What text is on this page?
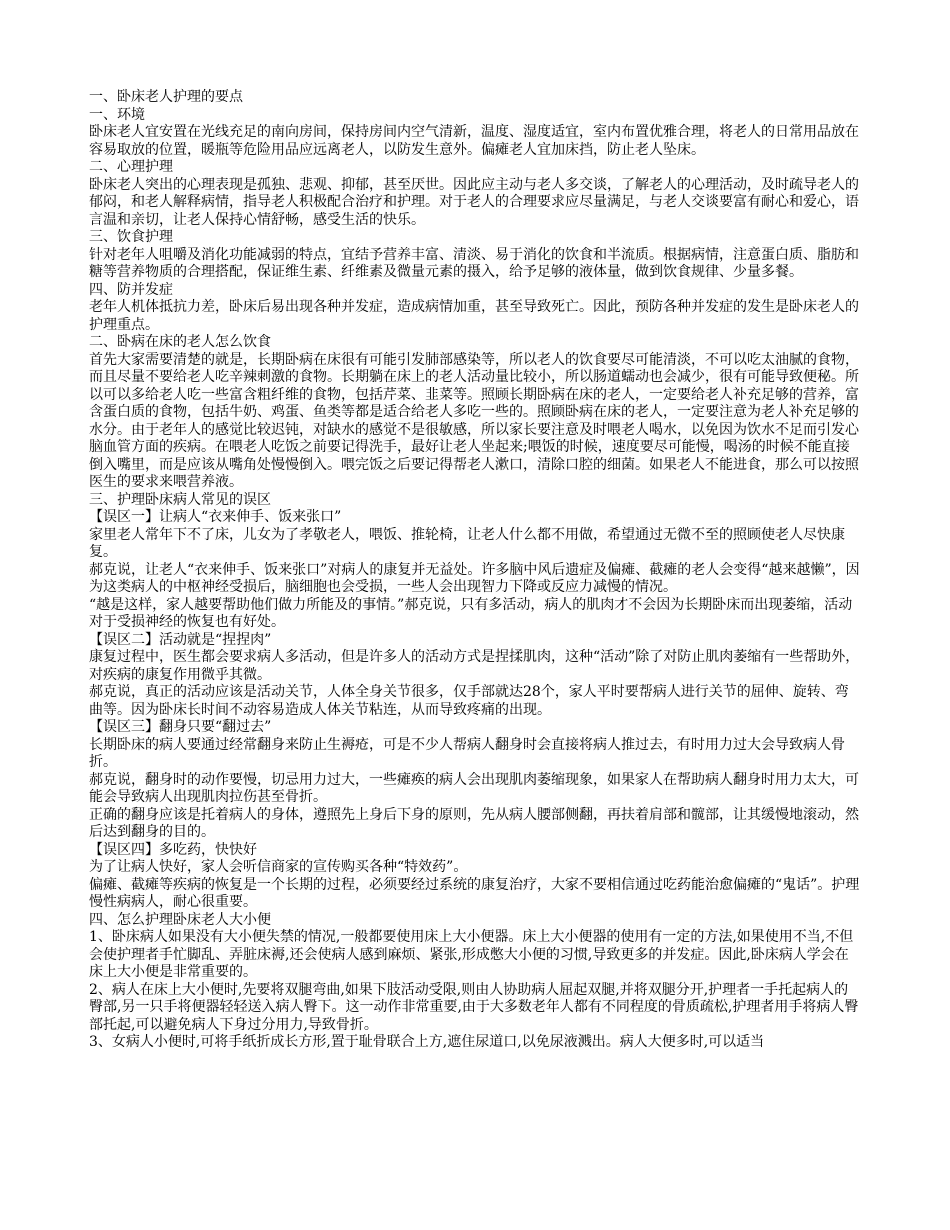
一、卧床老人护理的要点
一、环境
卧床老人宜安置在光线充足的南向房间，保持房间内空气清新，温度、湿度适宜，室内布置优雅合理，将老人的日常用品放在容易取放的位置，暖瓶等危险用品应远离老人，以防发生意外。偏瘫老人宜加床挡，防止老人坠床。
二、心理护理
卧床老人突出的心理表现是孤独、悲观、抑郁，甚至厌世。因此应主动与老人多交谈，了解老人的心理活动，及时疏导老人的郁闷，和老人解释病情，指导老人积极配合治疗和护理。对于老人的合理要求应尽量满足，与老人交谈要富有耐心和爱心，语言温和亲切，让老人保持心情舒畅，感受生活的快乐。
三、饮食护理
针对老年人咀嚼及消化功能减弱的特点，宜结予营养丰富、清淡、易于消化的饮食和半流质。根据病情，注意蛋白质、脂肪和糖等营养物质的合理搭配，保证维生素、纤维素及微量元素的摄入，给予足够的液体量，做到饮食规律、少量多餐。
四、防并发症
老年人机体抵抗力差，卧床后易出现各种并发症，造成病情加重，甚至导致死亡。因此，预防各种并发症的发生是卧床老人的护理重点。
二、卧病在床的老人怎么饮食
首先大家需要清楚的就是，长期卧病在床很有可能引发肺部感染等，所以老人的饮食要尽可能清淡，不可以吃太油腻的食物，而且尽量不要给老人吃辛辣刺激的食物。长期躺在床上的老人活动量比较小，所以肠道蠕动也会减少，很有可能导致便秘。所以可以多给老人吃一些富含粗纤维的食物，包括芹菜、韭菜等。照顾长期卧病在床的老人，一定要给老人补充足够的营养，富含蛋白质的食物，包括牛奶、鸡蛋、鱼类等都是适合给老人多吃一些的。照顾卧病在床的老人，一定要注意为老人补充足够的水分。由于老年人的感觉比较迟钝，对缺水的感觉不是很敏感，所以家长要注意及时喂老人喝水，以免因为饮水不足而引发心脑血管方面的疾病。在喂老人吃饭之前要记得洗手，最好让老人坐起来;喂饭的时候，速度要尽可能慢，喝汤的时候不能直接倒入嘴里，而是应该从嘴角处慢慢倒入。喂完饭之后要记得帮老人漱口，清除口腔的细菌。如果老人不能进食，那么可以按照医生的要求来喂营养液。
三、护理卧床病人常见的误区
【误区一】让病人“衣来伸手、饭来张口”
家里老人常年下不了床，儿女为了孝敬老人，喂饭、推轮椅，让老人什么都不用做，希望通过无微不至的照顾使老人尽快康复。
郝克说，让老人“衣来伸手、饭来张口”对病人的康复并无益处。许多脑中风后遗症及偏瘫、截瘫的老人会变得“越来越懒”，因为这类病人的中枢神经受损后，脑细胞也会受损，一些人会出现智力下降或反应力减慢的情况。
“越是这样，家人越要帮助他们做力所能及的事情。”郝克说，只有多活动，病人的肌肉才不会因为长期卧床而出现萎缩，活动对于受损神经的恢复也有好处。
【误区二】活动就是“捏捏肉”
康复过程中，医生都会要求病人多活动，但是许多人的活动方式是捏揉肌肉，这种“活动”除了对防止肌肉萎缩有一些帮助外，对疾病的康复作用微乎其微。
郝克说，真正的活动应该是活动关节，人体全身关节很多，仅手部就达28个，家人平时要帮病人进行关节的屈伸、旋转、弯曲等。因为卧床长时间不动容易造成人体关节粘连，从而导致疼痛的出现。
【误区三】翻身只要“翻过去”
长期卧床的病人要通过经常翻身来防止生褥疮，可是不少人帮病人翻身时会直接将病人推过去，有时用力过大会导致病人骨折。
郝克说，翻身时的动作要慢，切忌用力过大，一些瘫痪的病人会出现肌肉萎缩现象，如果家人在帮助病人翻身时用力太大，可能会导致病人出现肌肉拉伤甚至骨折。
正确的翻身应该是托着病人的身体，遵照先上身后下身的原则，先从病人腰部侧翻，再扶着肩部和髋部，让其缓慢地滚动，然后达到翻身的目的。
【误区四】多吃药，快快好
为了让病人快好，家人会听信商家的宣传购买各种“特效药”。
偏瘫、截瘫等疾病的恢复是一个长期的过程，必须要经过系统的康复治疗，大家不要相信通过吃药能治愈偏瘫的“鬼话”。护理慢性病病人，耐心很重要。
四、怎么护理卧床老人大小便
1、卧床病人如果没有大小便失禁的情况,一般都要使用床上大小便器。床上大小便器的使用有一定的方法,如果使用不当,不但会使护理者手忙脚乱、弄脏床褥,还会使病人感到麻烦、紧张,形成憋大小便的习惯,导致更多的并发症。因此,卧床病人学会在床上大小便是非常重要的。
2、病人在床上大小便时,先要将双腿弯曲,如果下肢活动受限,则由人协助病人屈起双腿,并将双腿分开,护理者一手托起病人的臀部,另一只手将便器轻轻送入病人臀下。这一动作非常重要,由于大多数老年人都有不同程度的骨质疏松,护理者用手将病人臀部托起,可以避免病人下身过分用力,导致骨折。
3、女病人小便时,可将手纸折成长方形,置于耻骨联合上方,遮住尿道口,以免尿液溅出。病人大便多时,可以适当
